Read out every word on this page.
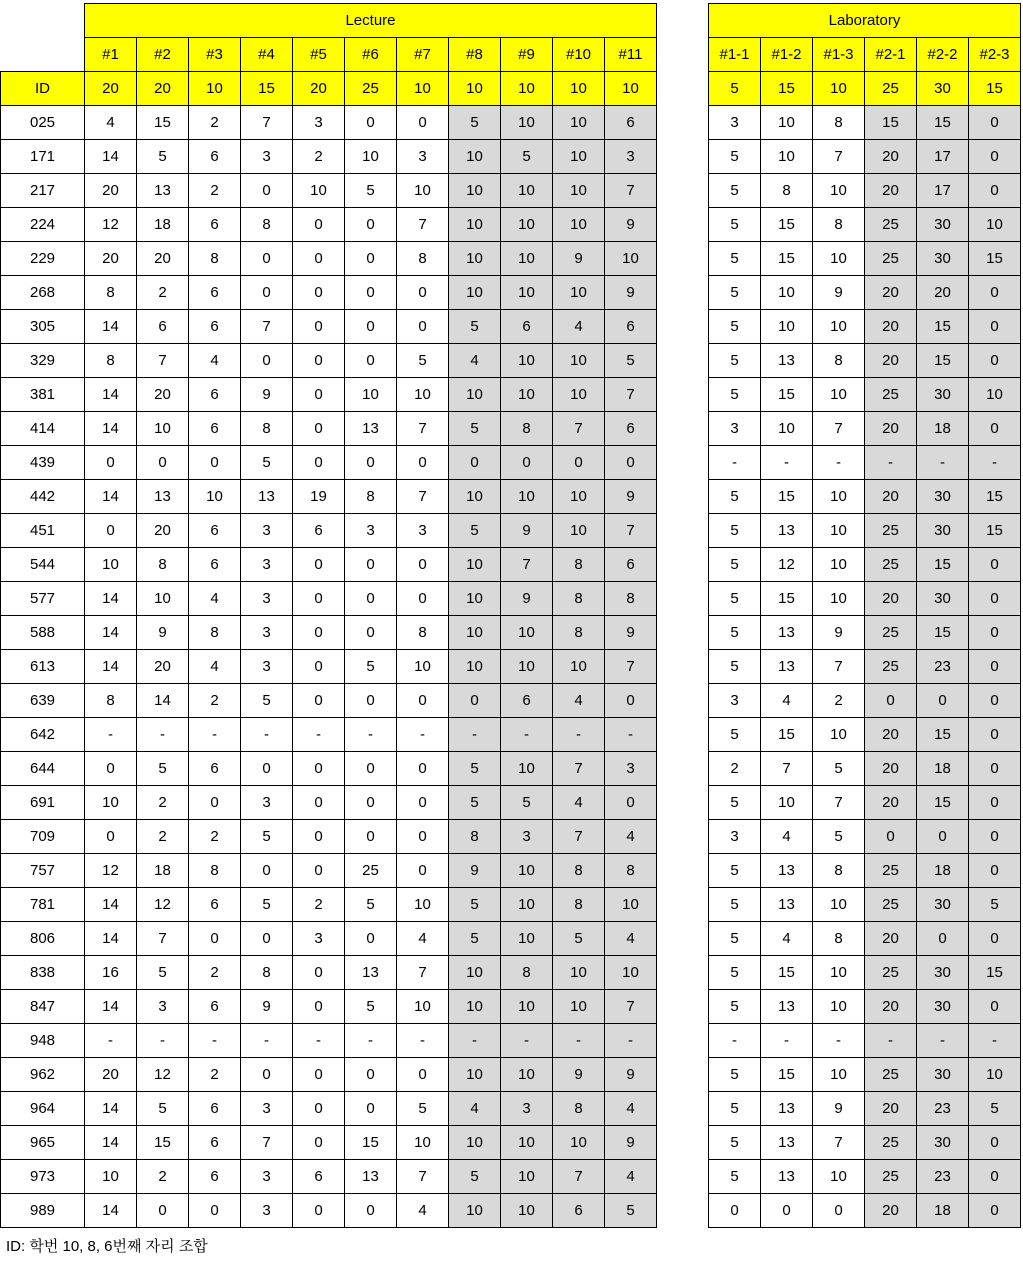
	Lecture												Laboratory					
	#1	#2	#3	#4	#5	#6	#7	#8	#9	#10	#11		#1-1	#1-2	#1-3	#2-1	#2-2	#2-3
ID	20	20	10	15	20	25	10	10	10	10	10		5	15	10	25	30	15
025	4	15	2	7	3	0	0	5	10	10	6		3	10	8	15	15	0
171	14	5	6	3	2	10	3	10	5	10	3		5	10	7	20	17	0
217	20	13	2	0	10	5	10	10	10	10	7		5	8	10	20	17	0
224	12	18	6	8	0	0	7	10	10	10	9		5	15	8	25	30	10
229	20	20	8	0	0	0	8	10	10	9	10		5	15	10	25	30	15
268	8	2	6	0	0	0	0	10	10	10	9		5	10	9	20	20	0
305	14	6	6	7	0	0	0	5	6	4	6		5	10	10	20	15	0
329	8	7	4	0	0	0	5	4	10	10	5		5	13	8	20	15	0
381	14	20	6	9	0	10	10	10	10	10	7		5	15	10	25	30	10
414	14	10	6	8	0	13	7	5	8	7	6		3	10	7	20	18	0
439	0	0	0	5	0	0	0	0	0	0	0		-	-	-	-	-	-
442	14	13	10	13	19	8	7	10	10	10	9		5	15	10	20	30	15
451	0	20	6	3	6	3	3	5	9	10	7		5	13	10	25	30	15
544	10	8	6	3	0	0	0	10	7	8	6		5	12	10	25	15	0
577	14	10	4	3	0	0	0	10	9	8	8		5	15	10	20	30	0
588	14	9	8	3	0	0	8	10	10	8	9		5	13	9	25	15	0
613	14	20	4	3	0	5	10	10	10	10	7		5	13	7	25	23	0
639	8	14	2	5	0	0	0	0	6	4	0		3	4	2	0	0	0
642	-	-	-	-	-	-	-	-	-	-	-		5	15	10	20	15	0
644	0	5	6	0	0	0	0	5	10	7	3		2	7	5	20	18	0
691	10	2	0	3	0	0	0	5	5	4	0		5	10	7	20	15	0
709	0	2	2	5	0	0	0	8	3	7	4		3	4	5	0	0	0
757	12	18	8	0	0	25	0	9	10	8	8		5	13	8	25	18	0
781	14	12	6	5	2	5	10	5	10	8	10		5	13	10	25	30	5
806	14	7	0	0	3	0	4	5	10	5	4		5	4	8	20	0	0
838	16	5	2	8	0	13	7	10	8	10	10		5	15	10	25	30	15
847	14	3	6	9	0	5	10	10	10	10	7		5	13	10	20	30	0
948	-	-	-	-	-	-	-	-	-	-	-		-	-	-	-	-	-
962	20	12	2	0	0	0	0	10	10	9	9		5	15	10	25	30	10
964	14	5	6	3	0	0	5	4	3	8	4		5	13	9	20	23	5
965	14	15	6	7	0	15	10	10	10	10	9		5	13	7	25	30	0
973	10	2	6	3	6	13	7	5	10	7	4		5	13	10	25	23	0
989	14	0	0	3	0	0	4	10	10	6	5		0	0	0	20	18	0
ID: 학번 10, 8, 6번째 자리 조합
